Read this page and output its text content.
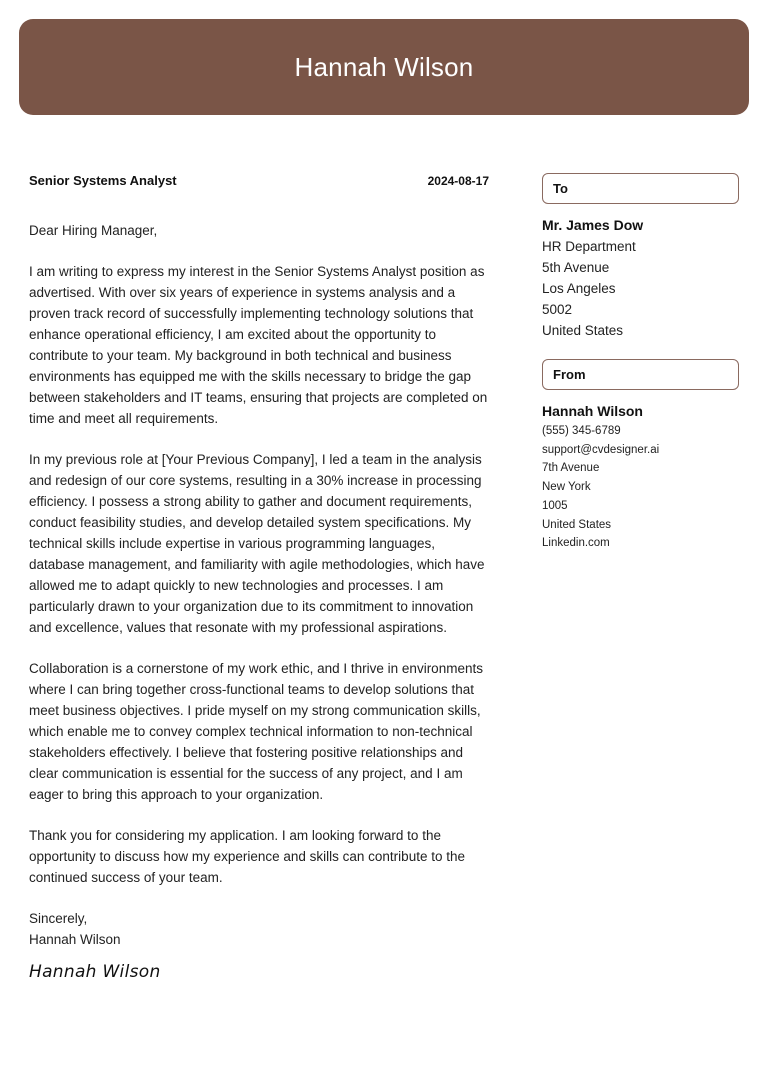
Hannah Wilson
Senior Systems Analyst	2024-08-17
Dear Hiring Manager,

I am writing to express my interest in the Senior Systems Analyst position as advertised. With over six years of experience in systems analysis and a proven track record of successfully implementing technology solutions that enhance operational efficiency, I am excited about the opportunity to contribute to your team. My background in both technical and business environments has equipped me with the skills necessary to bridge the gap between stakeholders and IT teams, ensuring that projects are completed on time and meet all requirements.

In my previous role at [Your Previous Company], I led a team in the analysis and redesign of our core systems, resulting in a 30% increase in processing efficiency. I possess a strong ability to gather and document requirements, conduct feasibility studies, and develop detailed system specifications. My technical skills include expertise in various programming languages, database management, and familiarity with agile methodologies, which have allowed me to adapt quickly to new technologies and processes. I am particularly drawn to your organization due to its commitment to innovation and excellence, values that resonate with my professional aspirations.

Collaboration is a cornerstone of my work ethic, and I thrive in environments where I can bring together cross-functional teams to develop solutions that meet business objectives. I pride myself on my strong communication skills, which enable me to convey complex technical information to non-technical stakeholders effectively. I believe that fostering positive relationships and clear communication is essential for the success of any project, and I am eager to bring this approach to your organization.

Thank you for considering my application. I am looking forward to the opportunity to discuss how my experience and skills can contribute to the continued success of your team.

Sincerely,
Hannah Wilson
Hannah Wilson
To
Mr. James Dow
HR Department
5th Avenue
Los Angeles
5002
United States
From
Hannah Wilson
(555) 345-6789
support@cvdesigner.ai
7th Avenue
New York
1005
United States
Linkedin.com
